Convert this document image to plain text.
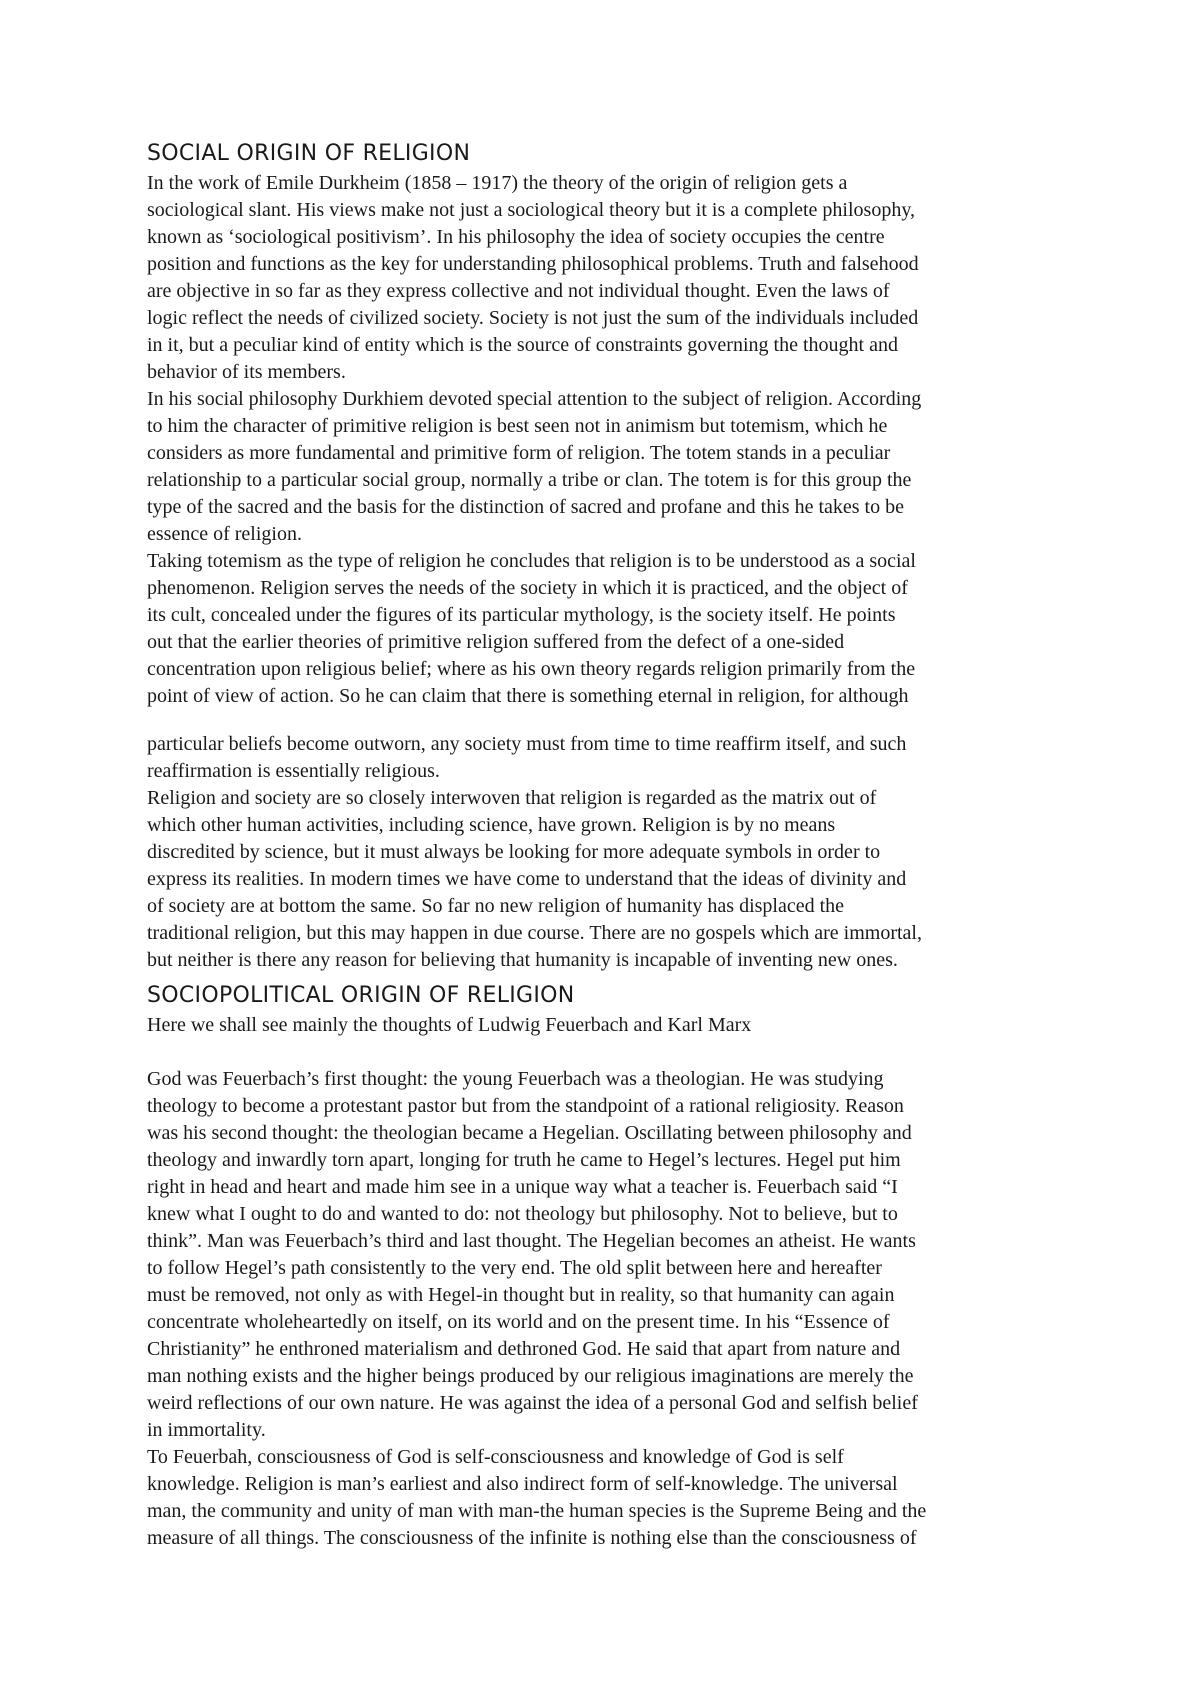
SOCIAL ORIGIN OF RELIGION

In the work of Emile Durkheim (1858 – 1917) the theory of the origin of religion gets a
sociological slant. His views make not just a sociological theory but it is a complete philosophy,
known as ‘sociological positivism’. In his philosophy the idea of society occupies the centre
position and functions as the key for understanding philosophical problems. Truth and falsehood
are objective in so far as they express collective and not individual thought. Even the laws of
logic reflect the needs of civilized society. Society is not just the sum of the individuals included
in it, but a peculiar kind of entity which is the source of constraints governing the thought and
behavior of its members.

In his social philosophy Durkhiem devoted special attention to the subject of religion. According
to him the character of primitive religion is best seen not in animism but totemism, which he
considers as more fundamental and primitive form of religion. The totem stands in a peculiar
relationship to a particular social group, normally a tribe or clan. The totem is for this group the
type of the sacred and the basis for the distinction of sacred and profane and this he takes to be
essence of religion.

Taking totemism as the type of religion he concludes that religion is to be understood as a social
phenomenon. Religion serves the needs of the society in which it is practiced, and the object of
its cult, concealed under the figures of its particular mythology, is the society itself. He points
out that the earlier theories of primitive religion suffered from the defect of a one-sided
concentration upon religious belief; where as his own theory regards religion primarily from the
point of view of action. So he can claim that there is something eternal in religion, for although

particular beliefs become outworn, any society must from time to time reaffirm itself, and such
reaffirmation is essentially religious.

Religion and society are so closely interwoven that religion is regarded as the matrix out of
which other human activities, including science, have grown. Religion is by no means
discredited by science, but it must always be looking for more adequate symbols in order to
express its realities. In modern times we have come to understand that the ideas of divinity and
of society are at bottom the same. So far no new religion of humanity has displaced the
traditional religion, but this may happen in due course. There are no gospels which are immortal,
but neither is there any reason for believing that humanity is incapable of inventing new ones.

SOCIOPOLITICAL ORIGIN OF RELIGION

Here we shall see mainly the thoughts of Ludwig Feuerbach and Karl Marx

God was Feuerbach’s first thought: the young Feuerbach was a theologian. He was studying
theology to become a protestant pastor but from the standpoint of a rational religiosity. Reason
was his second thought: the theologian became a Hegelian. Oscillating between philosophy and
theology and inwardly torn apart, longing for truth he came to Hegel’s lectures. Hegel put him
right in head and heart and made him see in a unique way what a teacher is. Feuerbach said “I
knew what I ought to do and wanted to do: not theology but philosophy. Not to believe, but to
think”. Man was Feuerbach’s third and last thought. The Hegelian becomes an atheist. He wants
to follow Hegel’s path consistently to the very end. The old split between here and hereafter
must be removed, not only as with Hegel-in thought but in reality, so that humanity can again
concentrate wholeheartedly on itself, on its world and on the present time. In his “Essence of
Christianity” he enthroned materialism and dethroned God. He said that apart from nature and
man nothing exists and the higher beings produced by our religious imaginations are merely the
weird reflections of our own nature. He was against the idea of a personal God and selfish belief
in immortality.

To Feuerbah, consciousness of God is self-consciousness and knowledge of God is self
knowledge. Religion is man’s earliest and also indirect form of self-knowledge. The universal
man, the community and unity of man with man-the human species is the Supreme Being and the
measure of all things. The consciousness of the infinite is nothing else than the consciousness of
